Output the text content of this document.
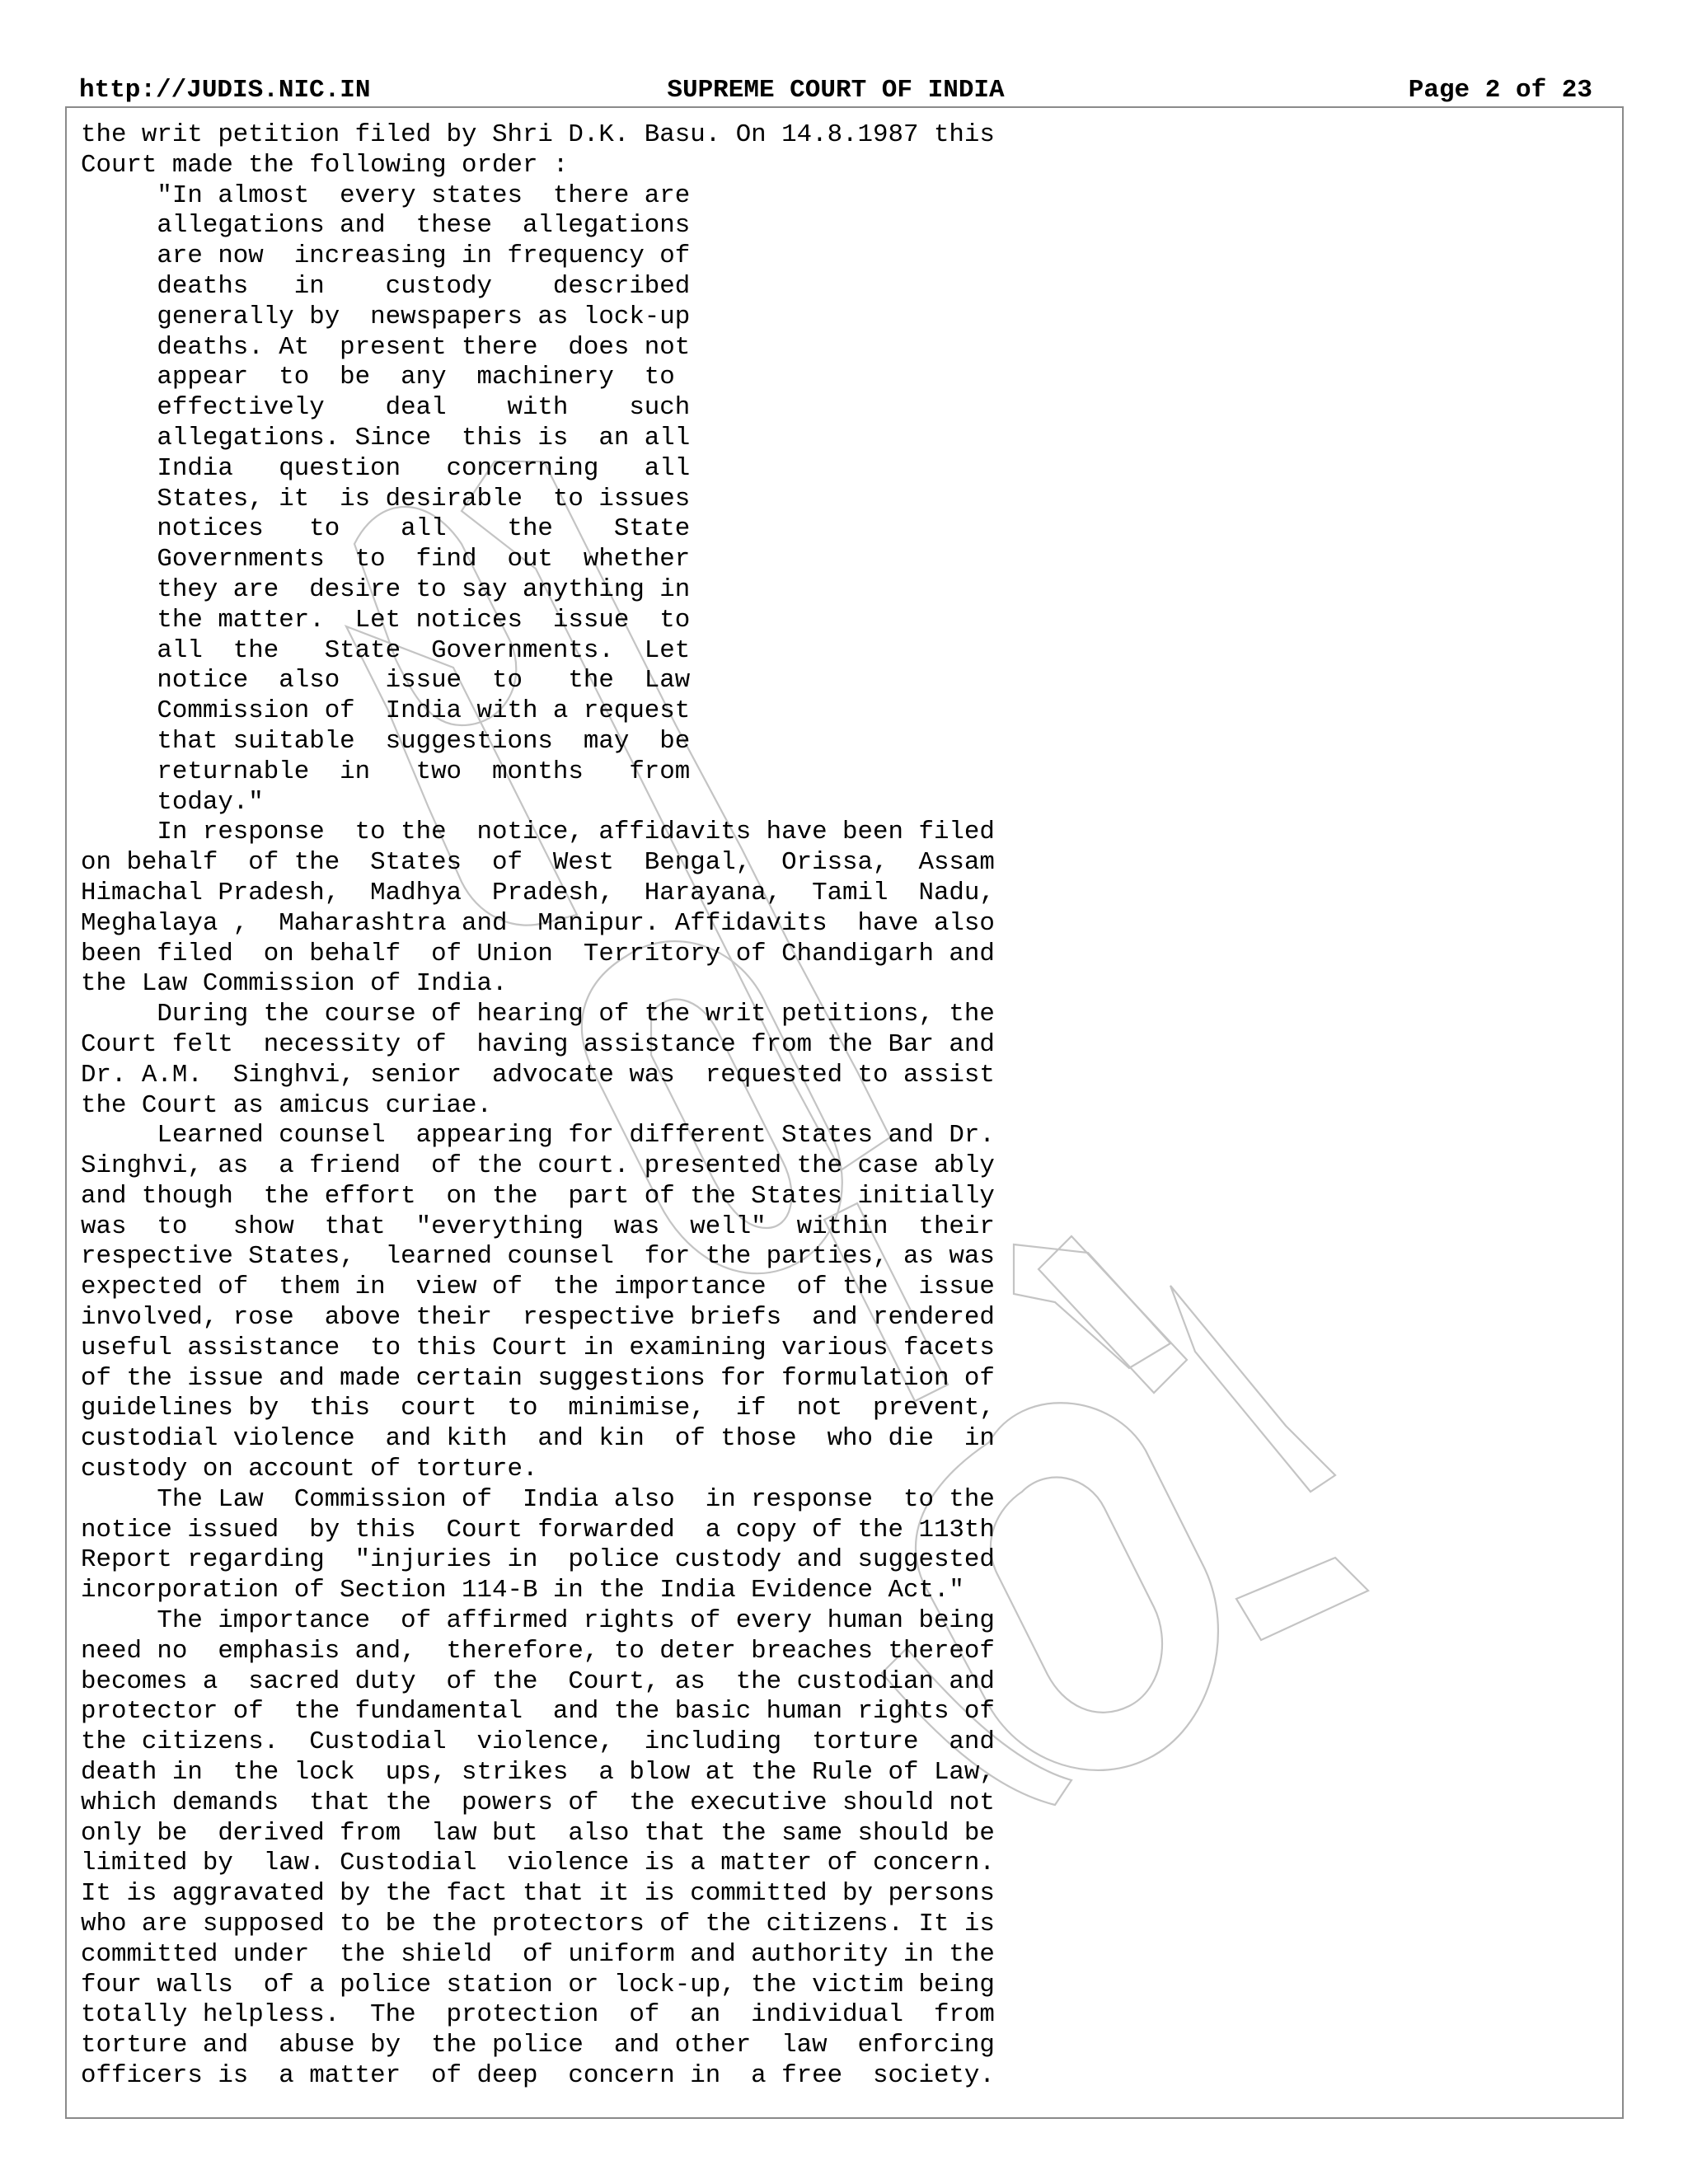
http://JUDIS.NIC.IN	SUPREME COURT OF INDIA	Page 2 of 23
the writ petition filed by Shri D.K. Basu. On 14.8.1987 this
Court made the following order :
"In almost  every states  there are
allegations and  these  allegations
are now  increasing in frequency of
deaths   in    custody    described
generally by  newspapers as lock-up
deaths. At  present there  does not
appear  to  be  any  machinery  to
effectively    deal    with    such
allegations. Since  this is  an all
India   question   concerning   all
States, it  is desirable  to issues
notices   to    all    the    State
Governments  to  find  out  whether
they are  desire to say anything in
the matter.  Let notices  issue  to
all  the   State  Governments.  Let
notice  also   issue  to   the  Law
Commission of  India with a request
that suitable  suggestions  may  be
returnable  in   two  months   from
today."
In response  to the  notice, affidavits have been filed
on behalf  of the  States  of  West  Bengal,  Orissa,  Assam
Himachal Pradesh,  Madhya  Pradesh,  Harayana,  Tamil  Nadu,
Meghalaya ,  Maharashtra and  Manipur. Affidavits  have also
been filed  on behalf  of Union  Territory of Chandigarh and
the Law Commission of India.
During the course of hearing of the writ petitions, the
Court felt  necessity of  having assistance from the Bar and
Dr. A.M.  Singhvi, senior  advocate was  requested to assist
the Court as amicus curiae.
Learned counsel  appearing for different States and Dr.
Singhvi, as  a friend  of the court. presented the case ably
and though  the effort  on the  part of the States initially
was  to   show  that  "everything  was  well"  within  their
respective States,  learned counsel  for the parties, as was
expected of  them in  view of  the importance  of the  issue
involved, rose  above their  respective briefs  and rendered
useful assistance  to this Court in examining various facets
of the issue and made certain suggestions for formulation of
guidelines by  this  court  to  minimise,  if  not  prevent,
custodial violence  and kith  and kin  of those  who die  in
custody on account of torture.
The Law  Commission of  India also  in response  to the
notice issued  by this  Court forwarded  a copy of the 113th
Report regarding  "injuries in  police custody and suggested
incorporation of Section 114-B in the India Evidence Act."
The importance  of affirmed rights of every human being
need no  emphasis and,  therefore, to deter breaches thereof
becomes a  sacred duty  of the  Court, as  the custodian and
protector of  the fundamental  and the basic human rights of
the citizens.  Custodial  violence,  including  torture  and
death in  the lock  ups, strikes  a blow at the Rule of Law,
which demands  that the  powers of  the executive should not
only be  derived from  law but  also that the same should be
limited by  law. Custodial  violence is a matter of concern.
It is aggravated by the fact that it is committed by persons
who are supposed to be the protectors of the citizens. It is
committed under  the shield  of uniform and authority in the
four walls  of a police station or lock-up, the victim being
totally helpless.  The  protection  of  an  individual  from
torture and  abuse by  the police  and other  law  enforcing
officers is  a matter  of deep  concern in  a free  society.
